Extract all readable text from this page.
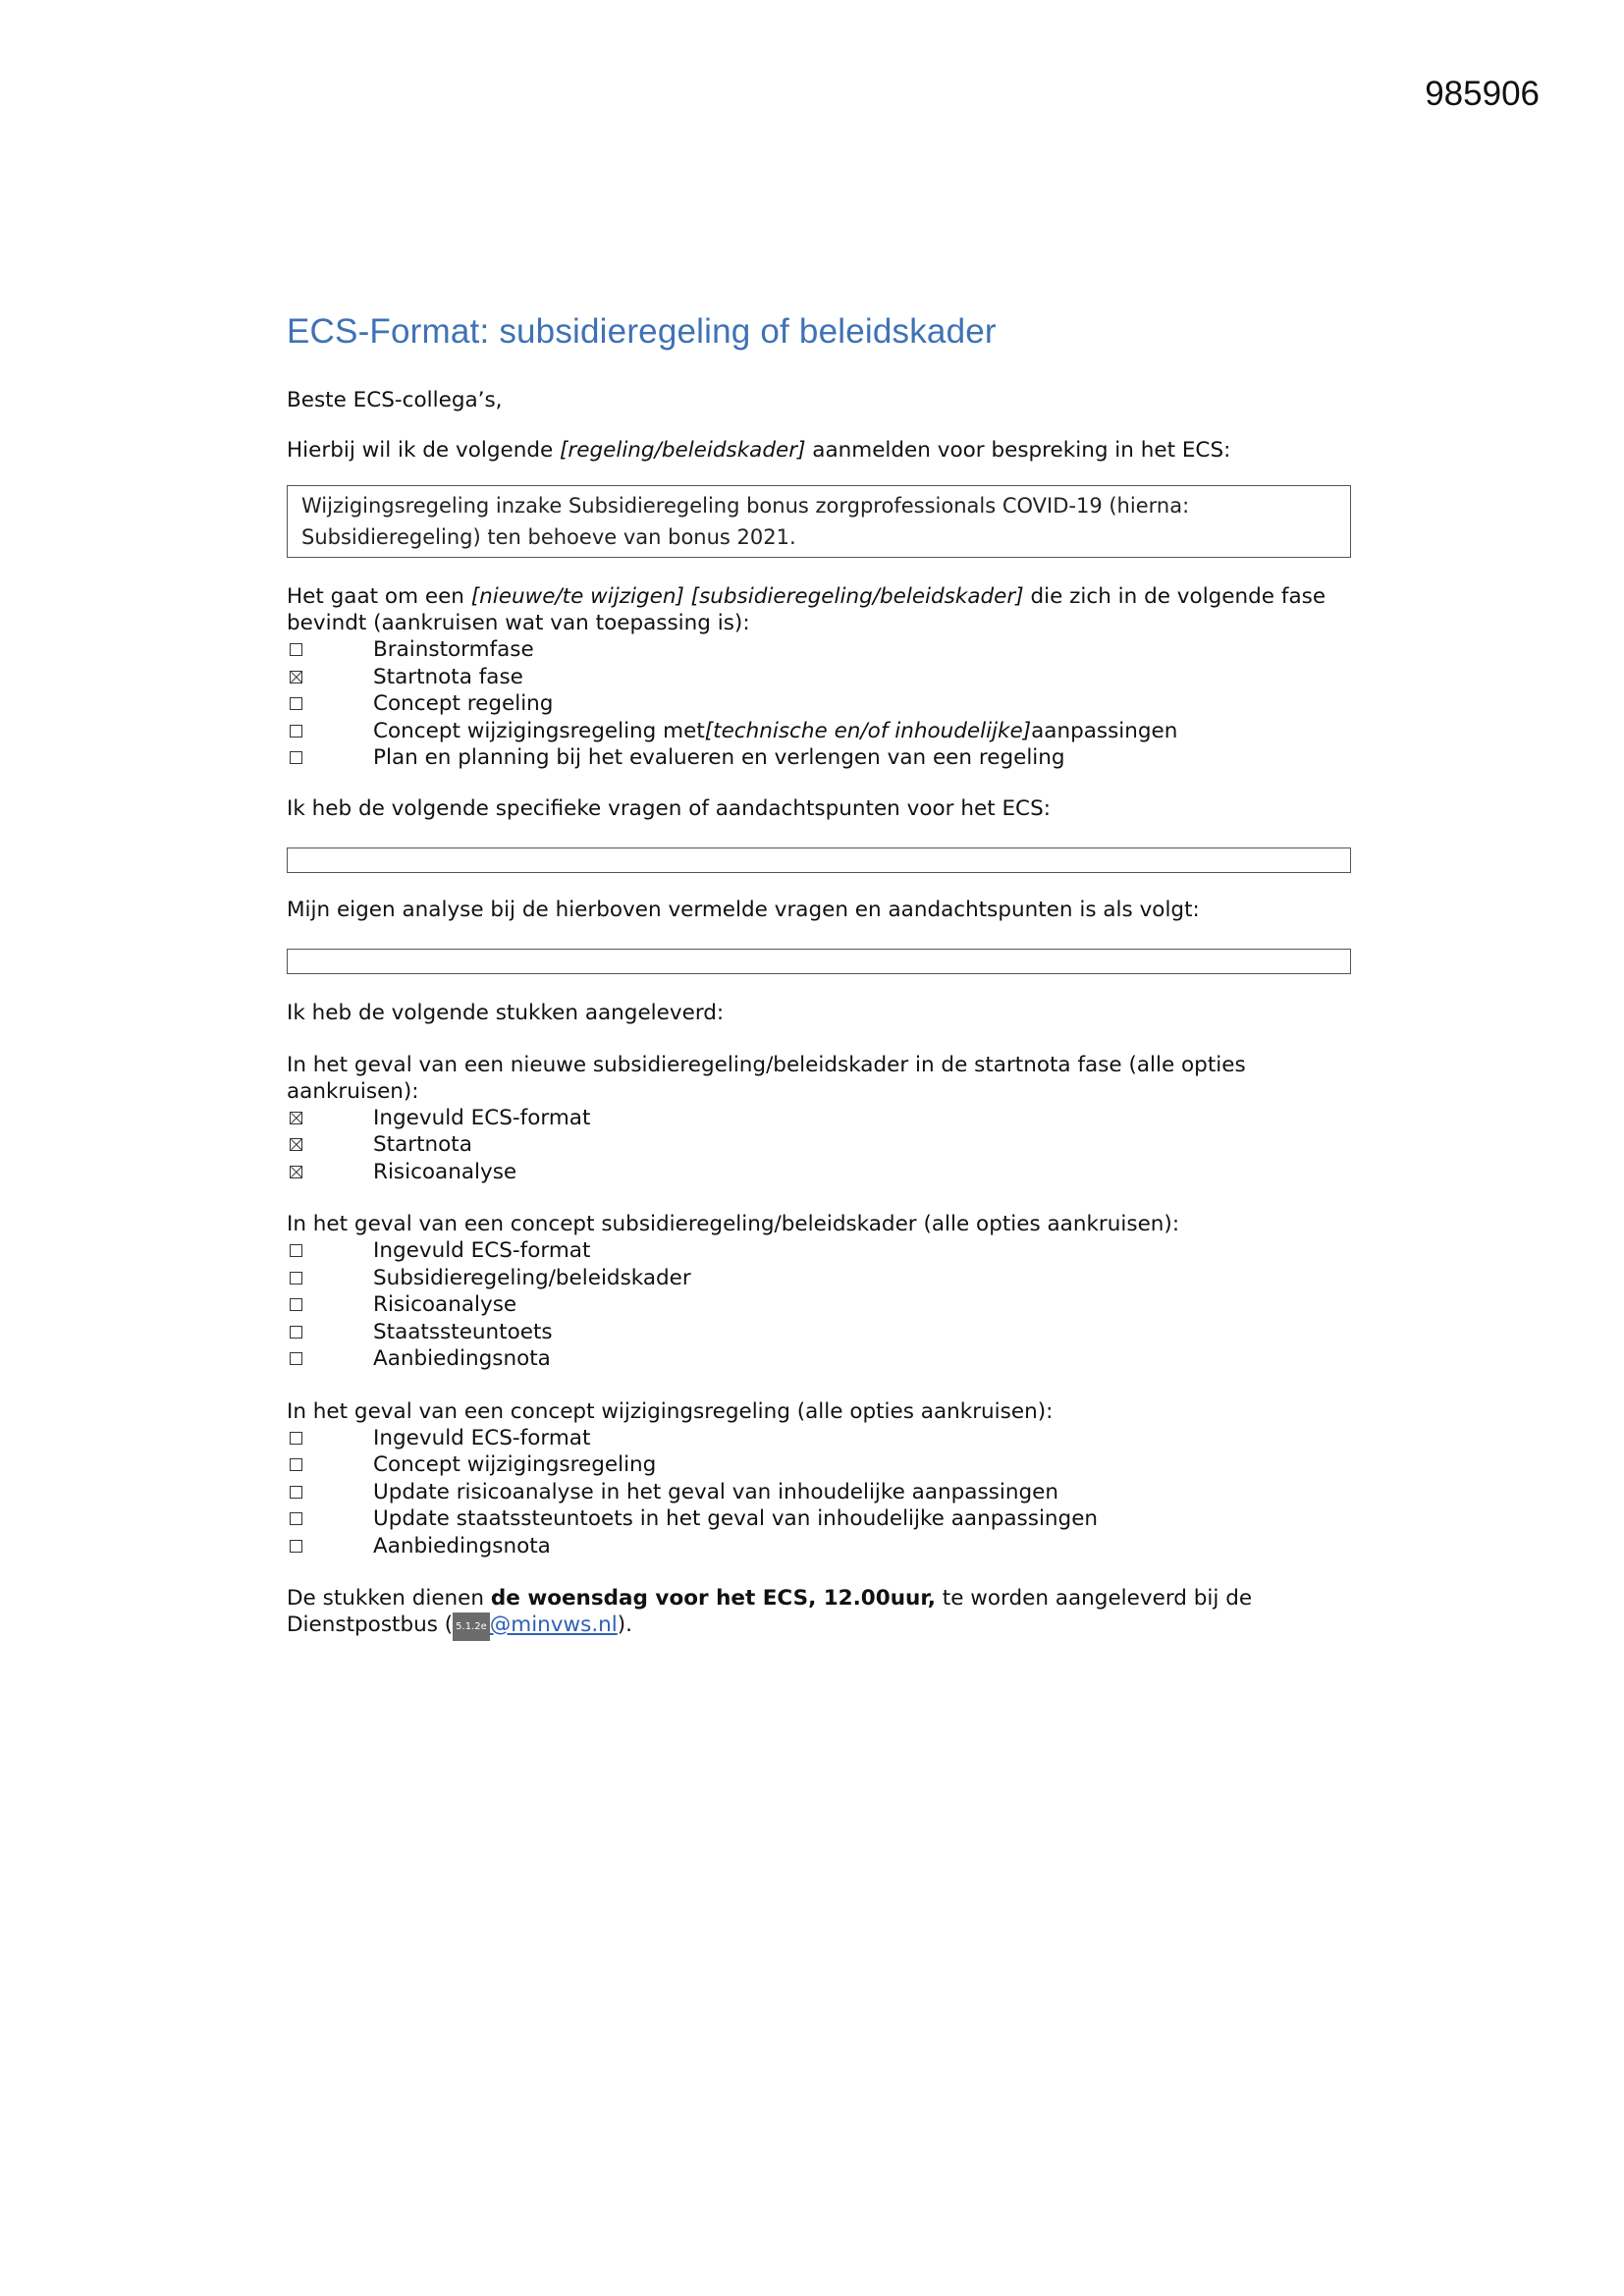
985906
ECS-Format: subsidieregeling of beleidskader

Beste ECS-collega’s,

Hierbij wil ik de volgende [regeling/beleidskader] aanmelden voor bespreking in het ECS:

Wijzigingsregeling inzake Subsidieregeling bonus zorgprofessionals COVID-19 (hierna: Subsidieregeling) ten behoeve van bonus 2021.

Het gaat om een [nieuwe/te wijzigen] [subsidieregeling/beleidskader] die zich in de volgende fase bevindt (aankruisen wat van toepassing is):

Brainstormfase
Startnota fase
Concept regeling
Concept wijzigingsregeling met [technische en/of inhoudelijke] aanpassingen
Plan en planning bij het evalueren en verlengen van een regeling

Ik heb de volgende specifieke vragen of aandachtspunten voor het ECS:

Mijn eigen analyse bij de hierboven vermelde vragen en aandachtspunten is als volgt:

Ik heb de volgende stukken aangeleverd:

In het geval van een nieuwe subsidieregeling/beleidskader in de startnota fase (alle opties aankruisen):

Ingevuld ECS-format
Startnota
Risicoanalyse

In het geval van een concept subsidieregeling/beleidskader (alle opties aankruisen):

Ingevuld ECS-format
Subsidieregeling/beleidskader
Risicoanalyse
Staatssteuntoets
Aanbiedingsnota

In het geval van een concept wijzigingsregeling (alle opties aankruisen):

Ingevuld ECS-format
Concept wijzigingsregeling
Update risicoanalyse in het geval van inhoudelijke aanpassingen
Update staatssteuntoets in het geval van inhoudelijke aanpassingen
Aanbiedingsnota

De stukken dienen de woensdag voor het ECS, 12.00uur, te worden aangeleverd bij de Dienstpostbus ( 5.1.2e @minvws.nl).
